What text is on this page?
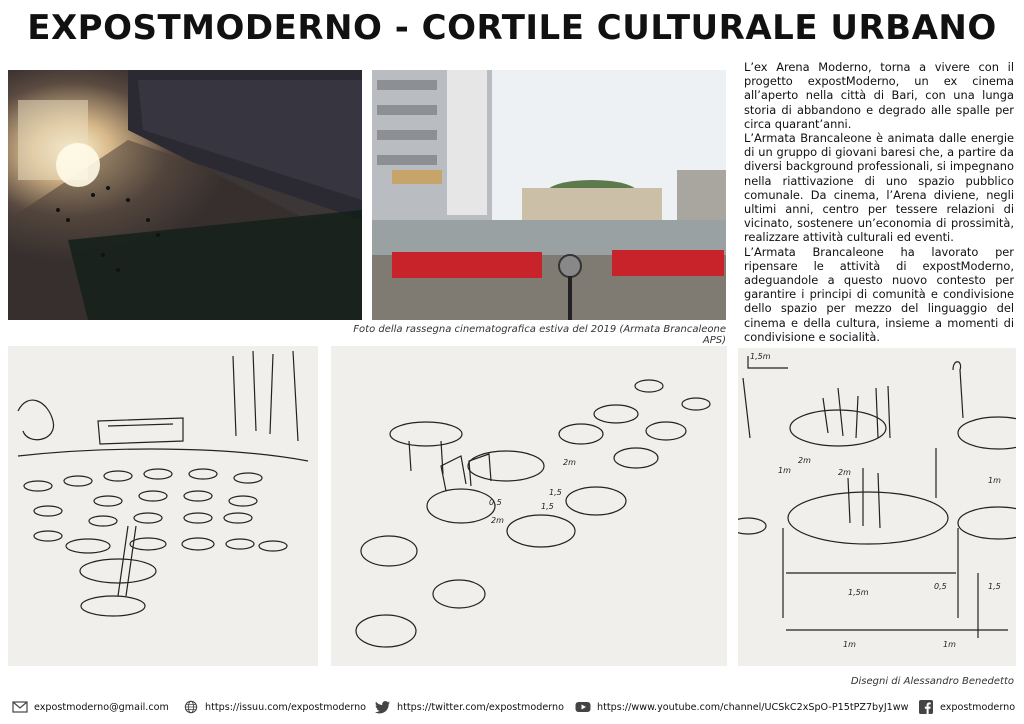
EXPOSTMODERNO - CORTILE CULTURALE URBANO

L’ex Arena Moderno, torna a vivere con il progetto expostModerno, un ex cinema all’aperto nella città di Bari, con una lunga storia di abbandono e degrado alle spalle per circa quarant’anni.

L’Armata Brancaleone è animata dalle energie di un gruppo di giovani baresi che, a partire da diversi background professionali, si impegnano nella riattivazione di uno spazio pubblico comunale. Da cinema, l’Arena diviene, negli ultimi anni, centro per tessere relazioni di vicinato, sostenere un’economia di prossimità, realizzare attività culturali ed eventi.

L’Armata Brancaleone ha lavorato per ripensare le attività di expostModerno, adeguandole a questo nuovo contesto per garantire i principi di comunità e condivisione dello spazio per mezzo del linguaggio del cinema e della cultura, insieme a momenti di condivisione e socialità.

Foto della rassegna cinematografica estiva del 2019 (Armata Brancaleone APS)
0,5
1,5
2m
2m
1,5
1,5m
2m
2m
1,5m
0,5	1,5
1m
1m
1m	1m
Disegni di Alessandro Benedetto
expostmoderno@gmail.com	https://issuu.com/expostmoderno	https://twitter.com/expostmoderno	https://www.youtube.com/channel/UCSkC2xSpO-P15tPZ7byJ1ww	expostmoderno
